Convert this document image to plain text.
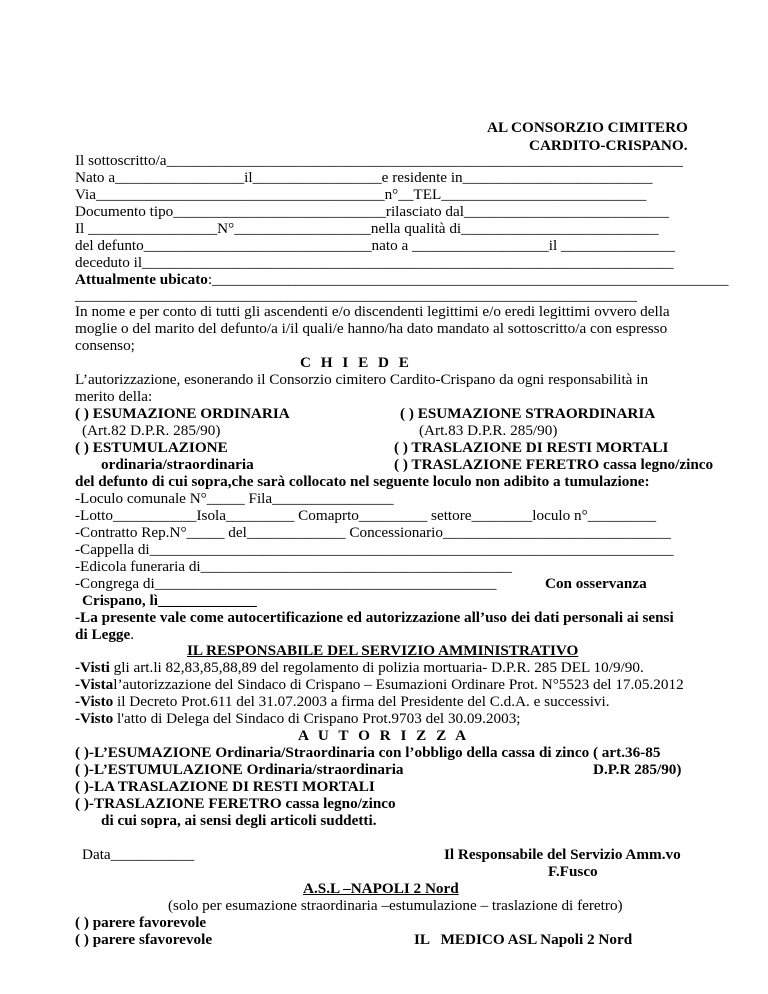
AL CONSORZIO CIMITERO
CARDITO-CRISPANO.
Il sottoscritto/a____________________________________________________________________
Nato a_________________il_________________e residente in_________________________
Via______________________________________n°__TEL___________________________
Documento tipo____________________________rilasciato dal___________________________
Il _________________N°__________________nella qualità di__________________________
del defunto______________________________nato a __________________il _______________
deceduto il______________________________________________________________________
Attualmente ubicato:____________________________________________________________________
__________________________________________________________________________
In nome e per conto di tutti gli ascendenti e/o discendenti legittimi e/o eredi legittimi ovvero della
moglie o del marito del defunto/a i/il quali/e hanno/ha dato mandato al sottoscritto/a con espresso
consenso;
C H I E D E
L’autorizzazione, esonerando il Consorzio cimitero Cardito-Crispano da ogni responsabilità in
merito della:
( ) ESUMAZIONE ORDINARIA	( ) ESUMAZIONE STRAORDINARIA
(Art.82 D.P.R. 285/90)	(Art.83 D.P.R. 285/90)
( ) ESTUMULAZIONE	( ) TRASLAZIONE DI RESTI MORTALI
ordinaria/straordinaria	( ) TRASLAZIONE FERETRO cassa legno/zinco
del defunto di cui sopra,che sarà collocato nel seguente loculo non adibito a tumulazione:
-Loculo comunale N°_____ Fila________________
-Lotto___________Isola_________ Comaprto_________ settore________loculo n°_________
-Contratto Rep.N°_____ del_____________ Concessionario______________________________
-Cappella di_____________________________________________________________________
-Edicola funeraria di_________________________________________
-Congrega di_____________________________________________	Con osservanza
Crispano, lì_____________
-La presente vale come autocertificazione ed autorizzazione all’uso dei dati personali ai sensi
di Legge.
IL RESPONSABILE DEL SERVIZIO AMMINISTRATIVO
-Visti gli art.li 82,83,85,88,89 del regolamento di polizia mortuaria- D.P.R. 285 DEL 10/9/90.
-Vistal’autorizzazione del Sindaco di Crispano – Esumazioni Ordinare Prot. N°5523 del 17.05.2012
-Visto il Decreto Prot.611 del 31.07.2003 a firma del Presidente del C.d.A. e successivi.
-Visto l'atto di Delega del Sindaco di Crispano Prot.9703 del 30.09.2003;
A U T O R I Z Z A
( )-L’ESUMAZIONE Ordinaria/Straordinaria con l’obbligo della cassa di zinco ( art.36-85
( )-L’ESTUMULAZIONE Ordinaria/straordinaria	D.P.R 285/90)
( )-LA TRASLAZIONE DI RESTI MORTALI
( )-TRASLAZIONE FERETRO cassa legno/zinco
di cui sopra, ai sensi degli articoli suddetti.
Data___________	Il Responsabile del Servizio Amm.vo
F.Fusco
A.S.L –NAPOLI 2 Nord
(solo per esumazione straordinaria –estumulazione – traslazione di feretro)
( ) parere favorevole
( ) parere sfavorevole	IL   MEDICO ASL Napoli 2 Nord
